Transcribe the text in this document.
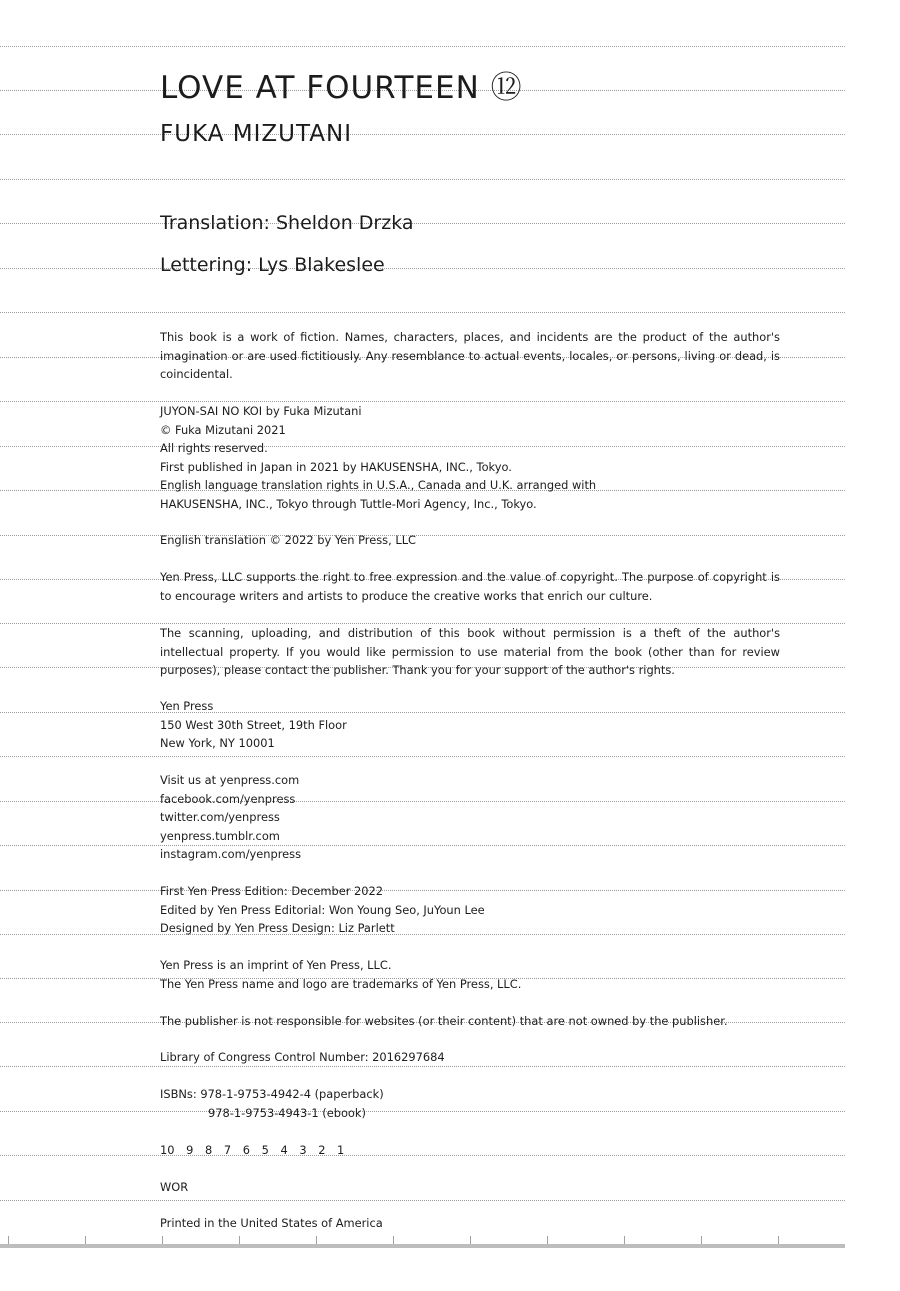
LOVE AT FOURTEEN ⑫
FUKA MIZUTANI
Translation: Sheldon Drzka
Lettering: Lys Blakeslee
This book is a work of fiction. Names, characters, places, and incidents are the product of the author's imagination or are used fictitiously. Any resemblance to actual events, locales, or persons, living or dead, is coincidental.
JUYON-SAI NO KOI by Fuka Mizutani
© Fuka Mizutani 2021
All rights reserved.
First published in Japan in 2021 by HAKUSENSHA, INC., Tokyo.
English language translation rights in U.S.A., Canada and U.K. arranged with
HAKUSENSHA, INC., Tokyo through Tuttle-Mori Agency, Inc., Tokyo.
English translation © 2022 by Yen Press, LLC
Yen Press, LLC supports the right to free expression and the value of copyright. The purpose of copyright is to encourage writers and artists to produce the creative works that enrich our culture.
The scanning, uploading, and distribution of this book without permission is a theft of the author's intellectual property. If you would like permission to use material from the book (other than for review purposes), please contact the publisher. Thank you for your support of the author's rights.
Yen Press
150 West 30th Street, 19th Floor
New York, NY 10001
Visit us at yenpress.com
facebook.com/yenpress
twitter.com/yenpress
yenpress.tumblr.com
instagram.com/yenpress
First Yen Press Edition: December 2022
Edited by Yen Press Editorial: Won Young Seo, JuYoun Lee
Designed by Yen Press Design: Liz Parlett
Yen Press is an imprint of Yen Press, LLC.
The Yen Press name and logo are trademarks of Yen Press, LLC.
The publisher is not responsible for websites (or their content) that are not owned by the publisher.
Library of Congress Control Number: 2016297684
ISBNs: 978-1-9753-4942-4 (paperback)
978-1-9753-4943-1 (ebook)
10 9 8 7 6 5 4 3 2 1
WOR
Printed in the United States of America
